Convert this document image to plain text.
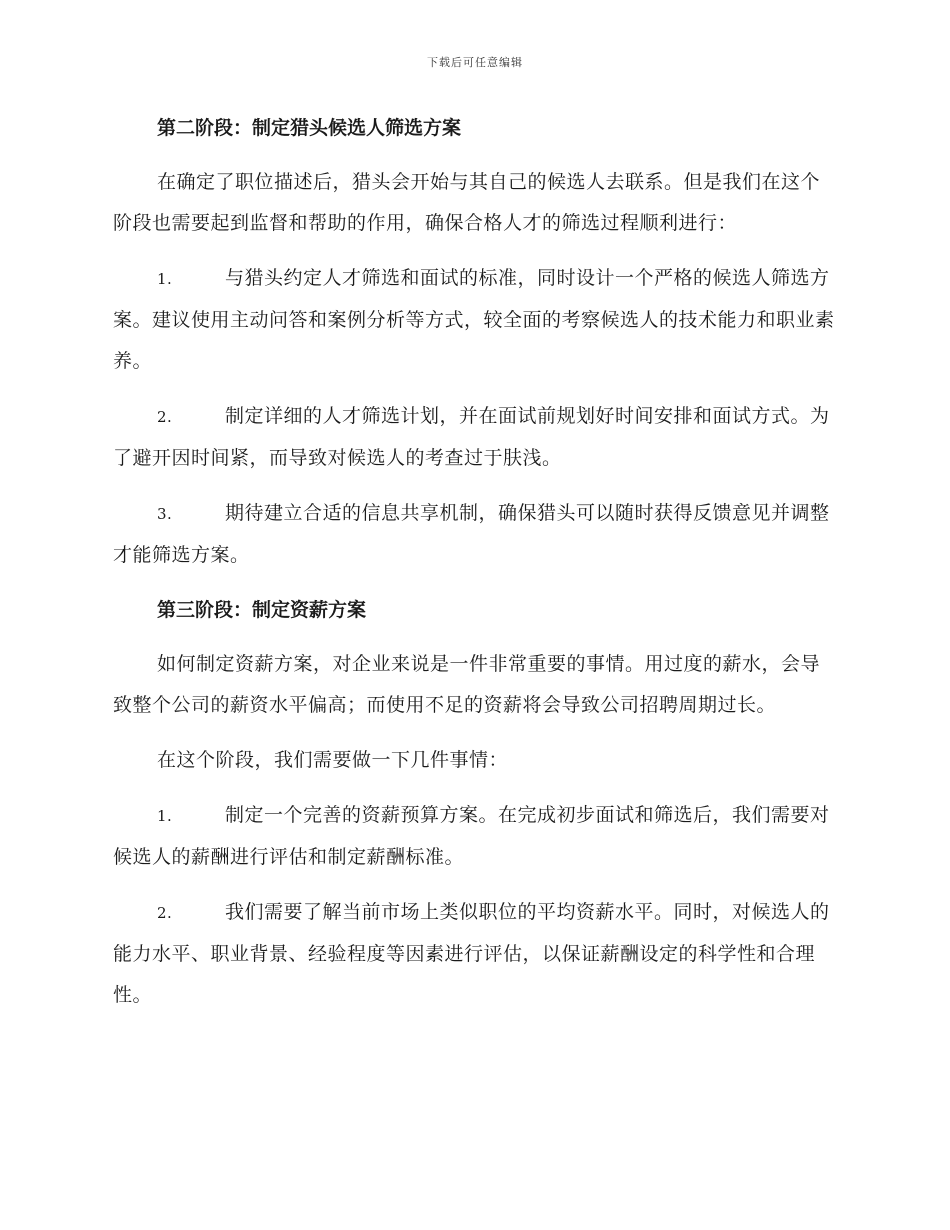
下载后可任意编辑
第二阶段：制定猎头候选人筛选方案

在确定了职位描述后，猎头会开始与其自己的候选人去联系。但是我们在这个阶段也需要起到监督和帮助的作用，确保合格人才的筛选过程顺利进行：

1.	与猎头约定人才筛选和面试的标准，同时设计一个严格的候选人筛选方案。建议使用主动问答和案例分析等方式，较全面的考察候选人的技术能力和职业素养。

2.	制定详细的人才筛选计划，并在面试前规划好时间安排和面试方式。为了避开因时间紧，而导致对候选人的考查过于肤浅。

3.	期待建立合适的信息共享机制，确保猎头可以随时获得反馈意见并调整才能筛选方案。

第三阶段：制定资薪方案

如何制定资薪方案，对企业来说是一件非常重要的事情。用过度的薪水，会导致整个公司的薪资水平偏高；而使用不足的资薪将会导致公司招聘周期过长。

在这个阶段，我们需要做一下几件事情：

1.	制定一个完善的资薪预算方案。在完成初步面试和筛选后，我们需要对候选人的薪酬进行评估和制定薪酬标准。

2.	我们需要了解当前市场上类似职位的平均资薪水平。同时，对候选人的能力水平、职业背景、经验程度等因素进行评估，以保证薪酬设定的科学性和合理性。
